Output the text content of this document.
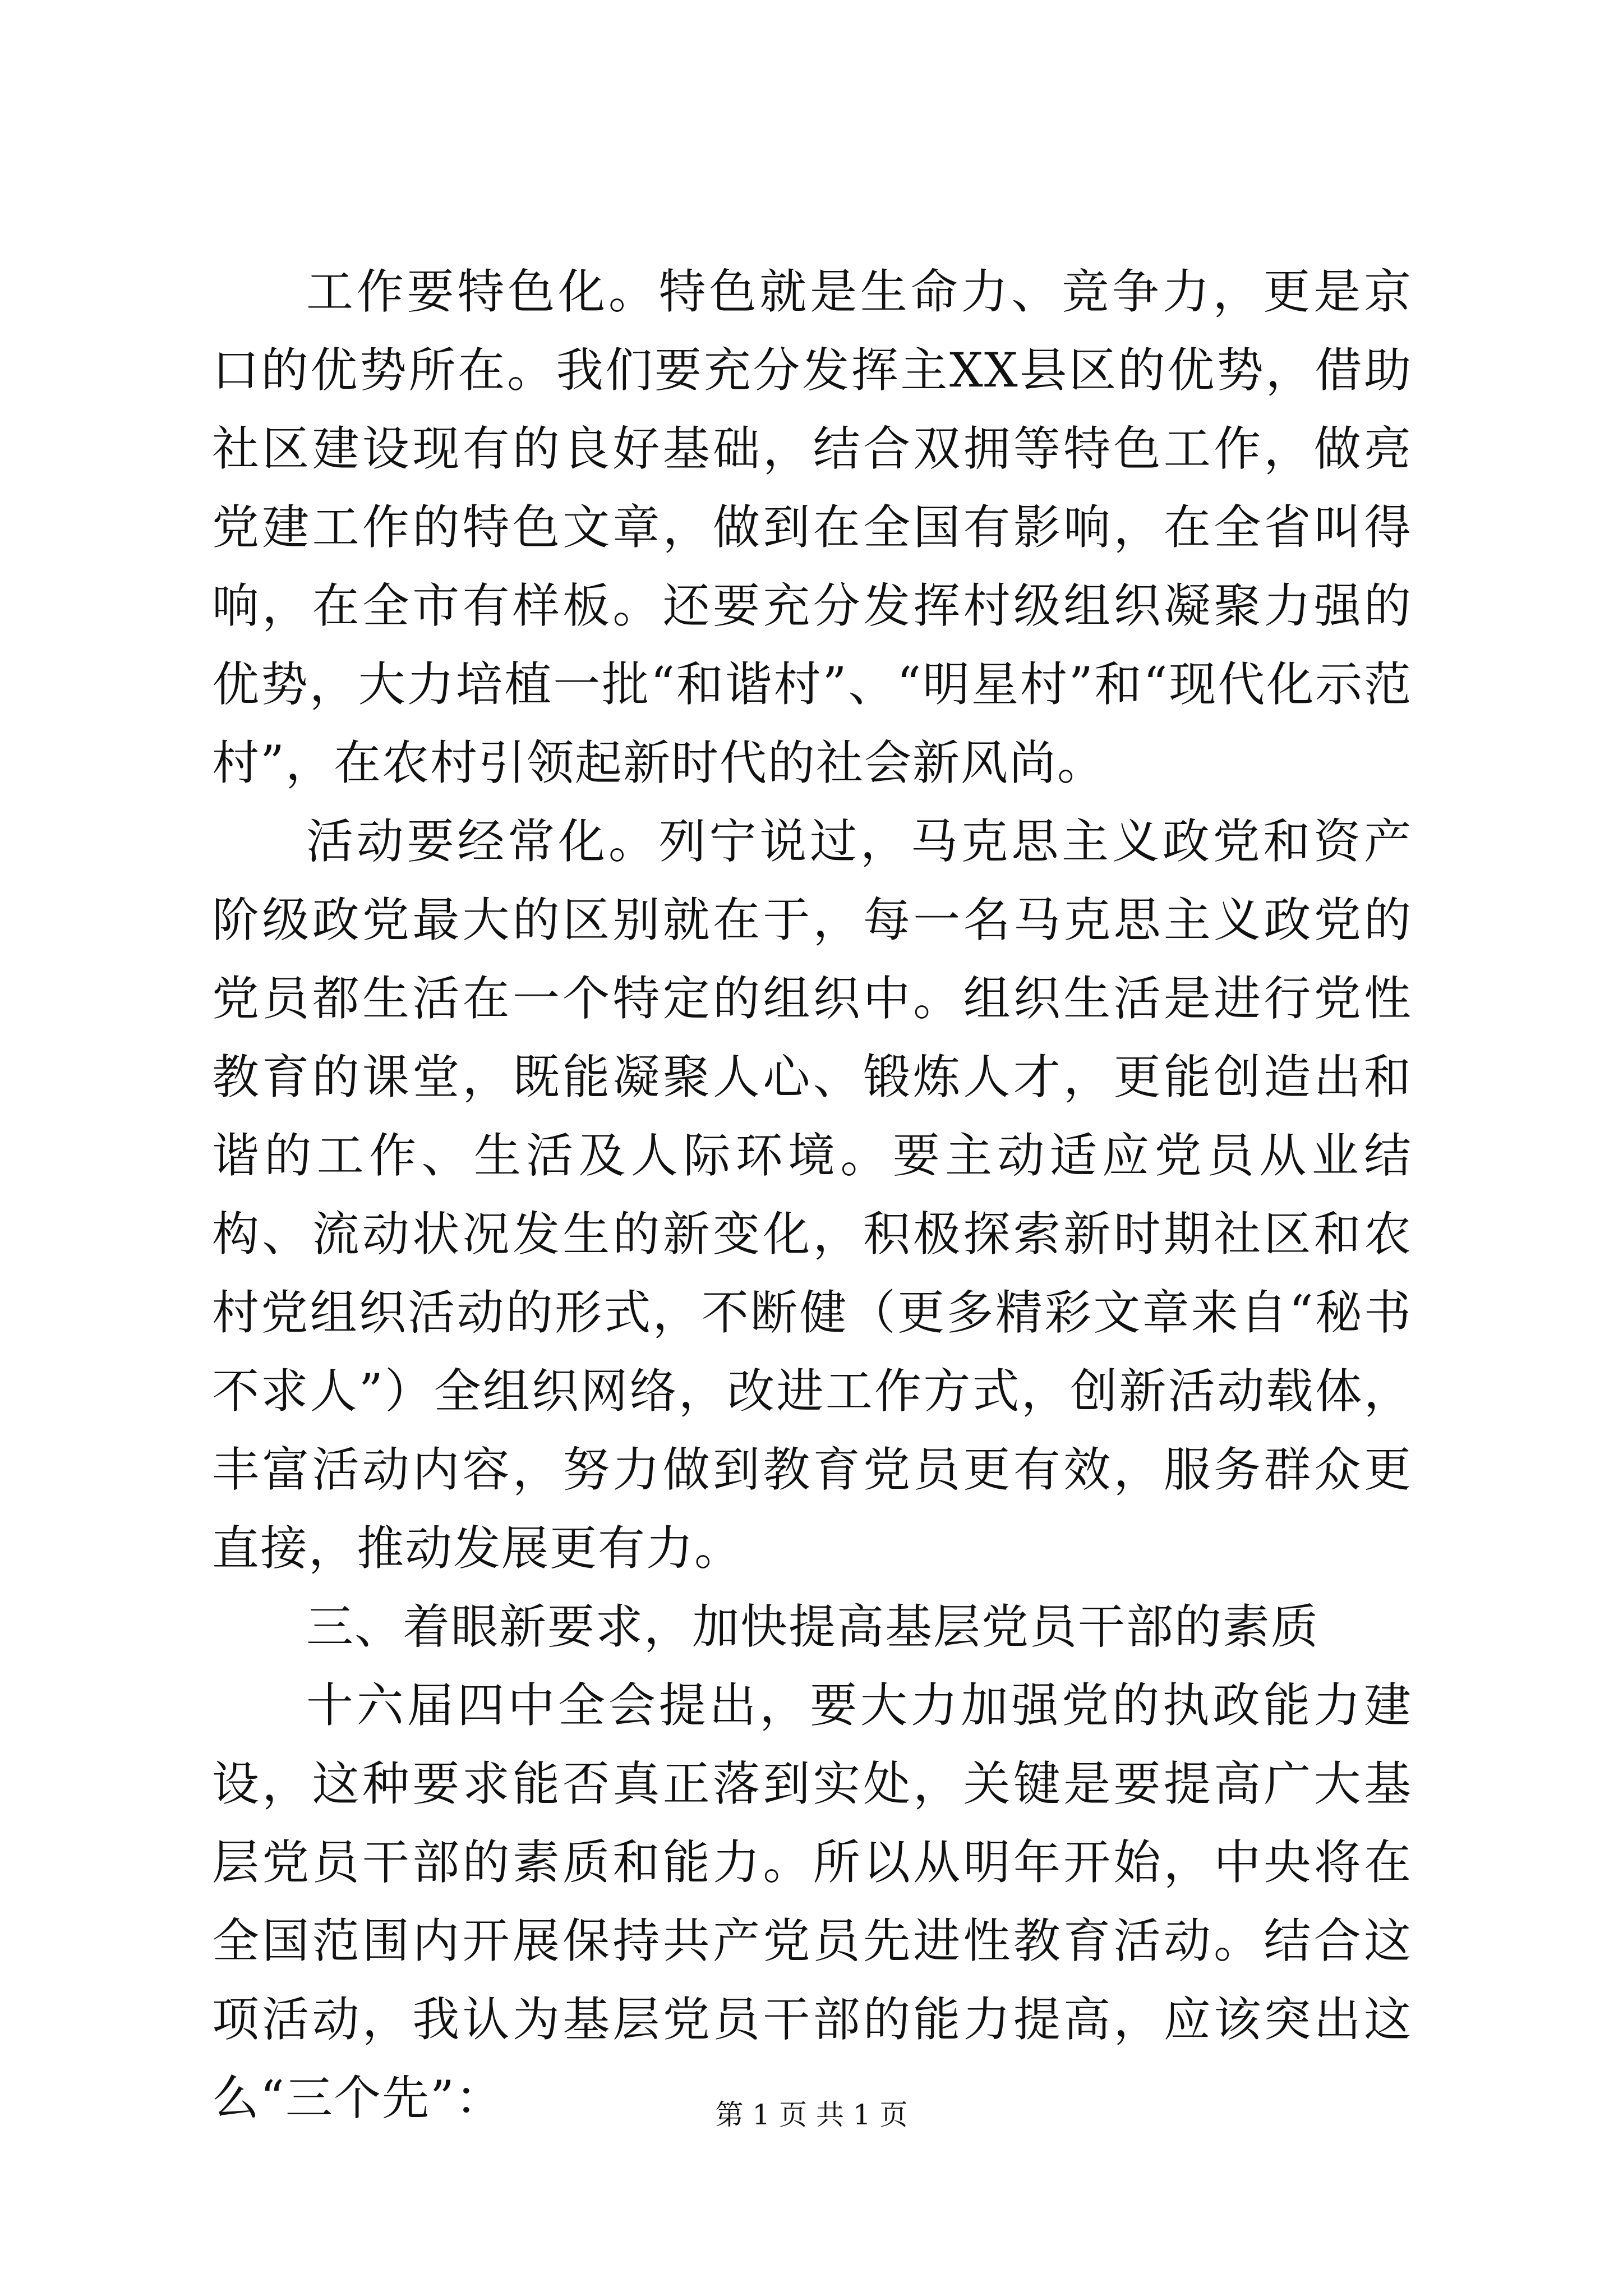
工作要特色化。特色就是生命力、竞争力，更是京口的优势所在。我们要充分发挥主XX县区的优势，借助社区建设现有的良好基础，结合双拥等特色工作，做亮党建工作的特色文章，做到在全国有影响，在全省叫得响，在全市有样板。还要充分发挥村级组织凝聚力强的优势，大力培植一批“和谐村”、“明星村”和“现代化示范村”，在农村引领起新时代的社会新风尚。

活动要经常化。列宁说过，马克思主义政党和资产阶级政党最大的区别就在于，每一名马克思主义政党的党员都生活在一个特定的组织中。组织生活是进行党性教育的课堂，既能凝聚人心、锻炼人才，更能创造出和谐的工作、生活及人际环境。要主动适应党员从业结构、流动状况发生的新变化，积极探索新时期社区和农村党组织活动的形式，不断健（更多精彩文章来自“秘书不求人”）全组织网络，改进工作方式，创新活动载体，丰富活动内容，努力做到教育党员更有效，服务群众更直接，推动发展更有力。

三、着眼新要求，加快提高基层党员干部的素质

十六届四中全会提出，要大力加强党的执政能力建设，这种要求能否真正落到实处，关键是要提高广大基层党员干部的素质和能力。所以从明年开始，中央将在全国范围内开展保持共产党员先进性教育活动。结合这项活动，我认为基层党员干部的能力提高，应该突出这么“三个先”：	第 1 页 共 1 页
